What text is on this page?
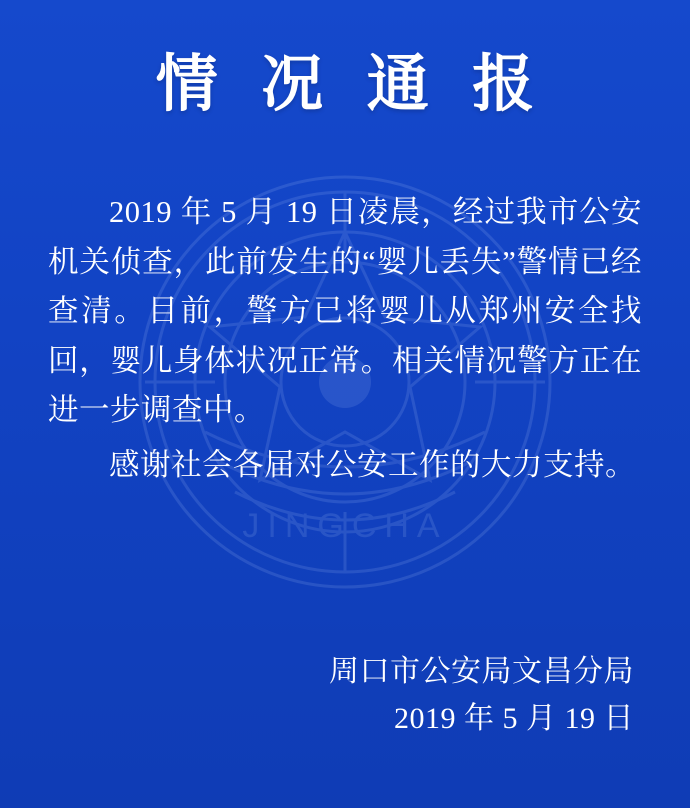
JINGCHA
情 况 通 报

2019 年 5 月 19 日凌晨，经过我市公安机关侦查，此前发生的“婴儿丢失”警情已经查清。目前，警方已将婴儿从郑州安全找回，婴儿身体状况正常。相关情况警方正在进一步调查中。

感谢社会各届对公安工作的大力支持。

周口市公安局文昌分局
2019 年 5 月 19 日
